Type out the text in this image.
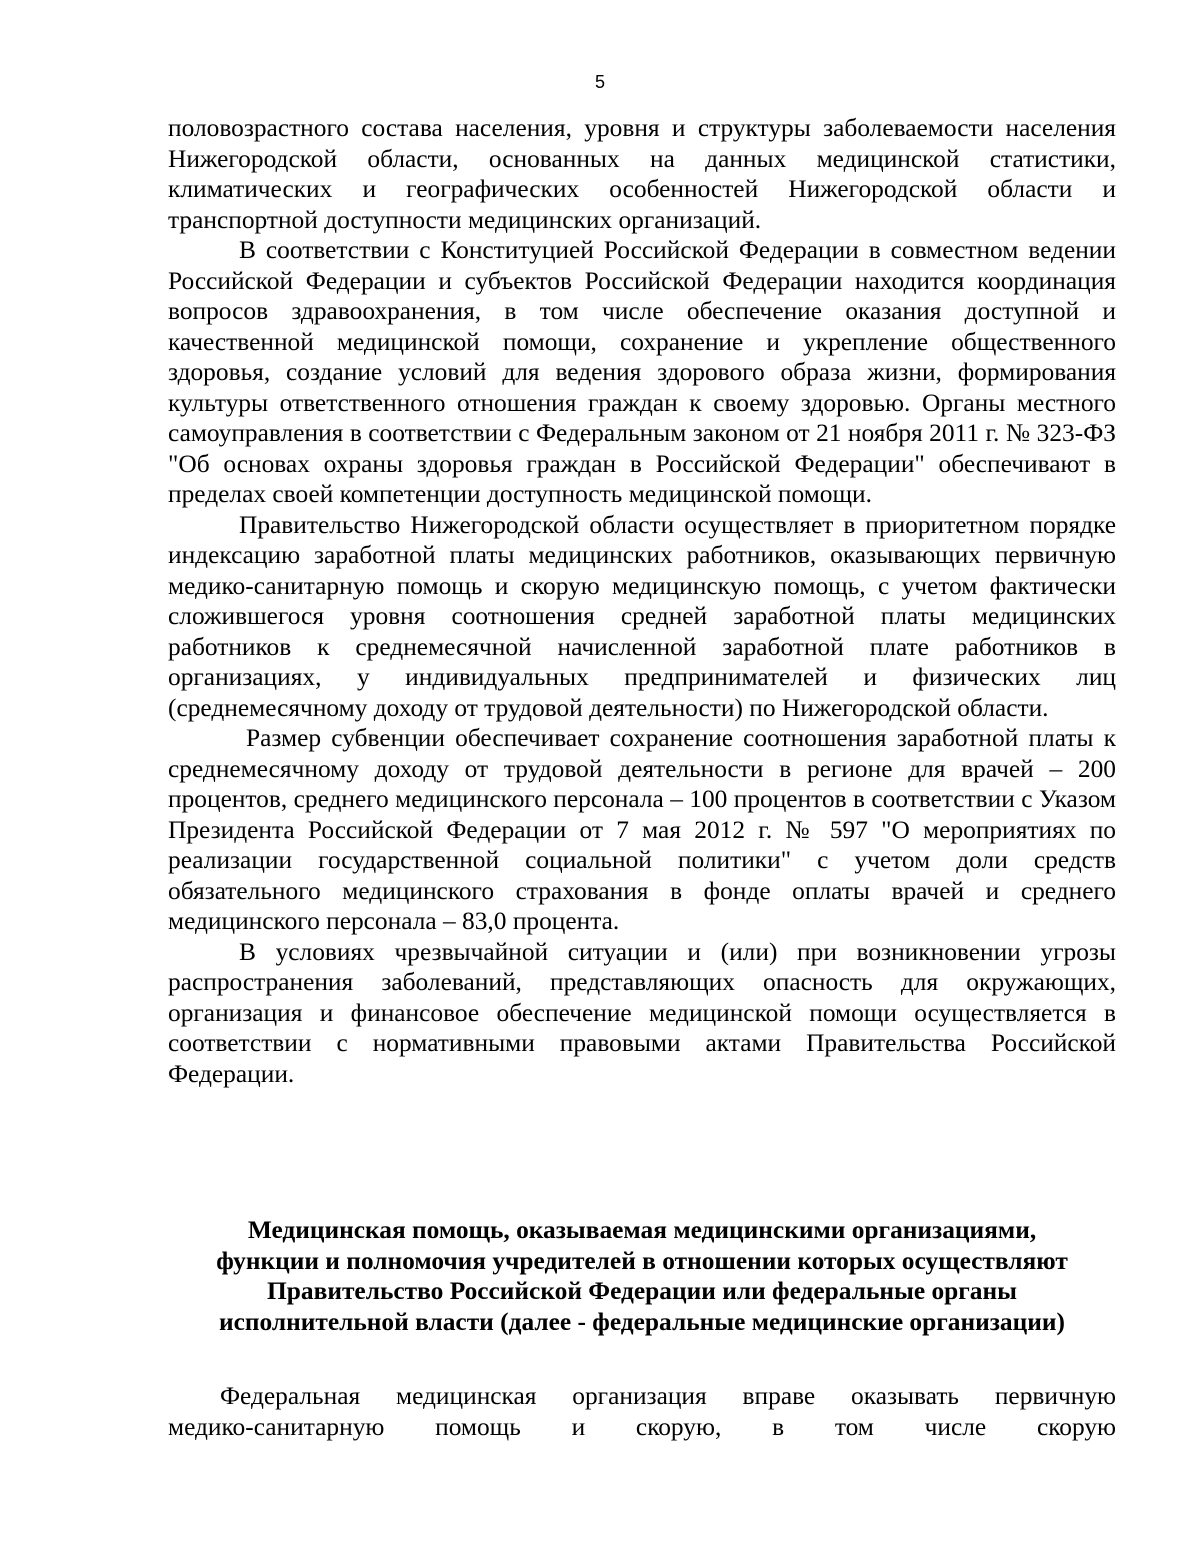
5

половозрастного состава населения, уровня и структуры заболеваемости населения Нижегородской области, основанных на данных медицинской статистики, климатических и географических особенностей Нижегородской области и транспортной доступности медицинских организаций.

В соответствии с Конституцией Российской Федерации в совместном ведении Российской Федерации и субъектов Российской Федерации находится координация вопросов здравоохранения, в том числе обеспечение оказания доступной и качественной медицинской помощи, сохранение и укрепление общественного здоровья, создание условий для ведения здорового образа жизни, формирования культуры ответственного отношения граждан к своему здоровью. Органы местного самоуправления в соответствии с Федеральным законом от 21 ноября 2011 г. № 323-ФЗ "Об основах охраны здоровья граждан в Российской Федерации" обеспечивают в пределах своей компетенции доступность медицинской помощи.

Правительство Нижегородской области осуществляет в приоритетном порядке индексацию заработной платы медицинских работников, оказывающих первичную медико-санитарную помощь и скорую медицинскую помощь, с учетом фактически сложившегося уровня соотношения средней заработной платы медицинских работников к среднемесячной начисленной заработной плате работников в организациях, у индивидуальных предпринимателей и физических лиц (среднемесячному доходу от трудовой деятельности) по Нижегородской области.

Размер субвенции обеспечивает сохранение соотношения заработной платы к среднемесячному доходу от трудовой деятельности в регионе для врачей – 200 процентов, среднего медицинского персонала – 100 процентов в соответствии с Указом Президента Российской Федерации от 7 мая 2012 г. № 597 "О мероприятиях по реализации государственной социальной политики" с учетом доли средств обязательного медицинского страхования в фонде оплаты врачей и среднего медицинского персонала – 83,0 процента.

В условиях чрезвычайной ситуации и (или) при возникновении угрозы распространения заболеваний, представляющих опасность для окружающих, организация и финансовое обеспечение медицинской помощи осуществляется в соответствии с нормативными правовыми актами Правительства Российской Федерации.

Медицинская помощь, оказываемая медицинскими организациями,
функции и полномочия учредителей в отношении которых осуществляют
Правительство Российской Федерации или федеральные органы
исполнительной власти (далее - федеральные медицинские организации)
Федеральная медицинская организация вправе оказывать первичную
медико-санитарную помощь и скорую, в том числе скорую
